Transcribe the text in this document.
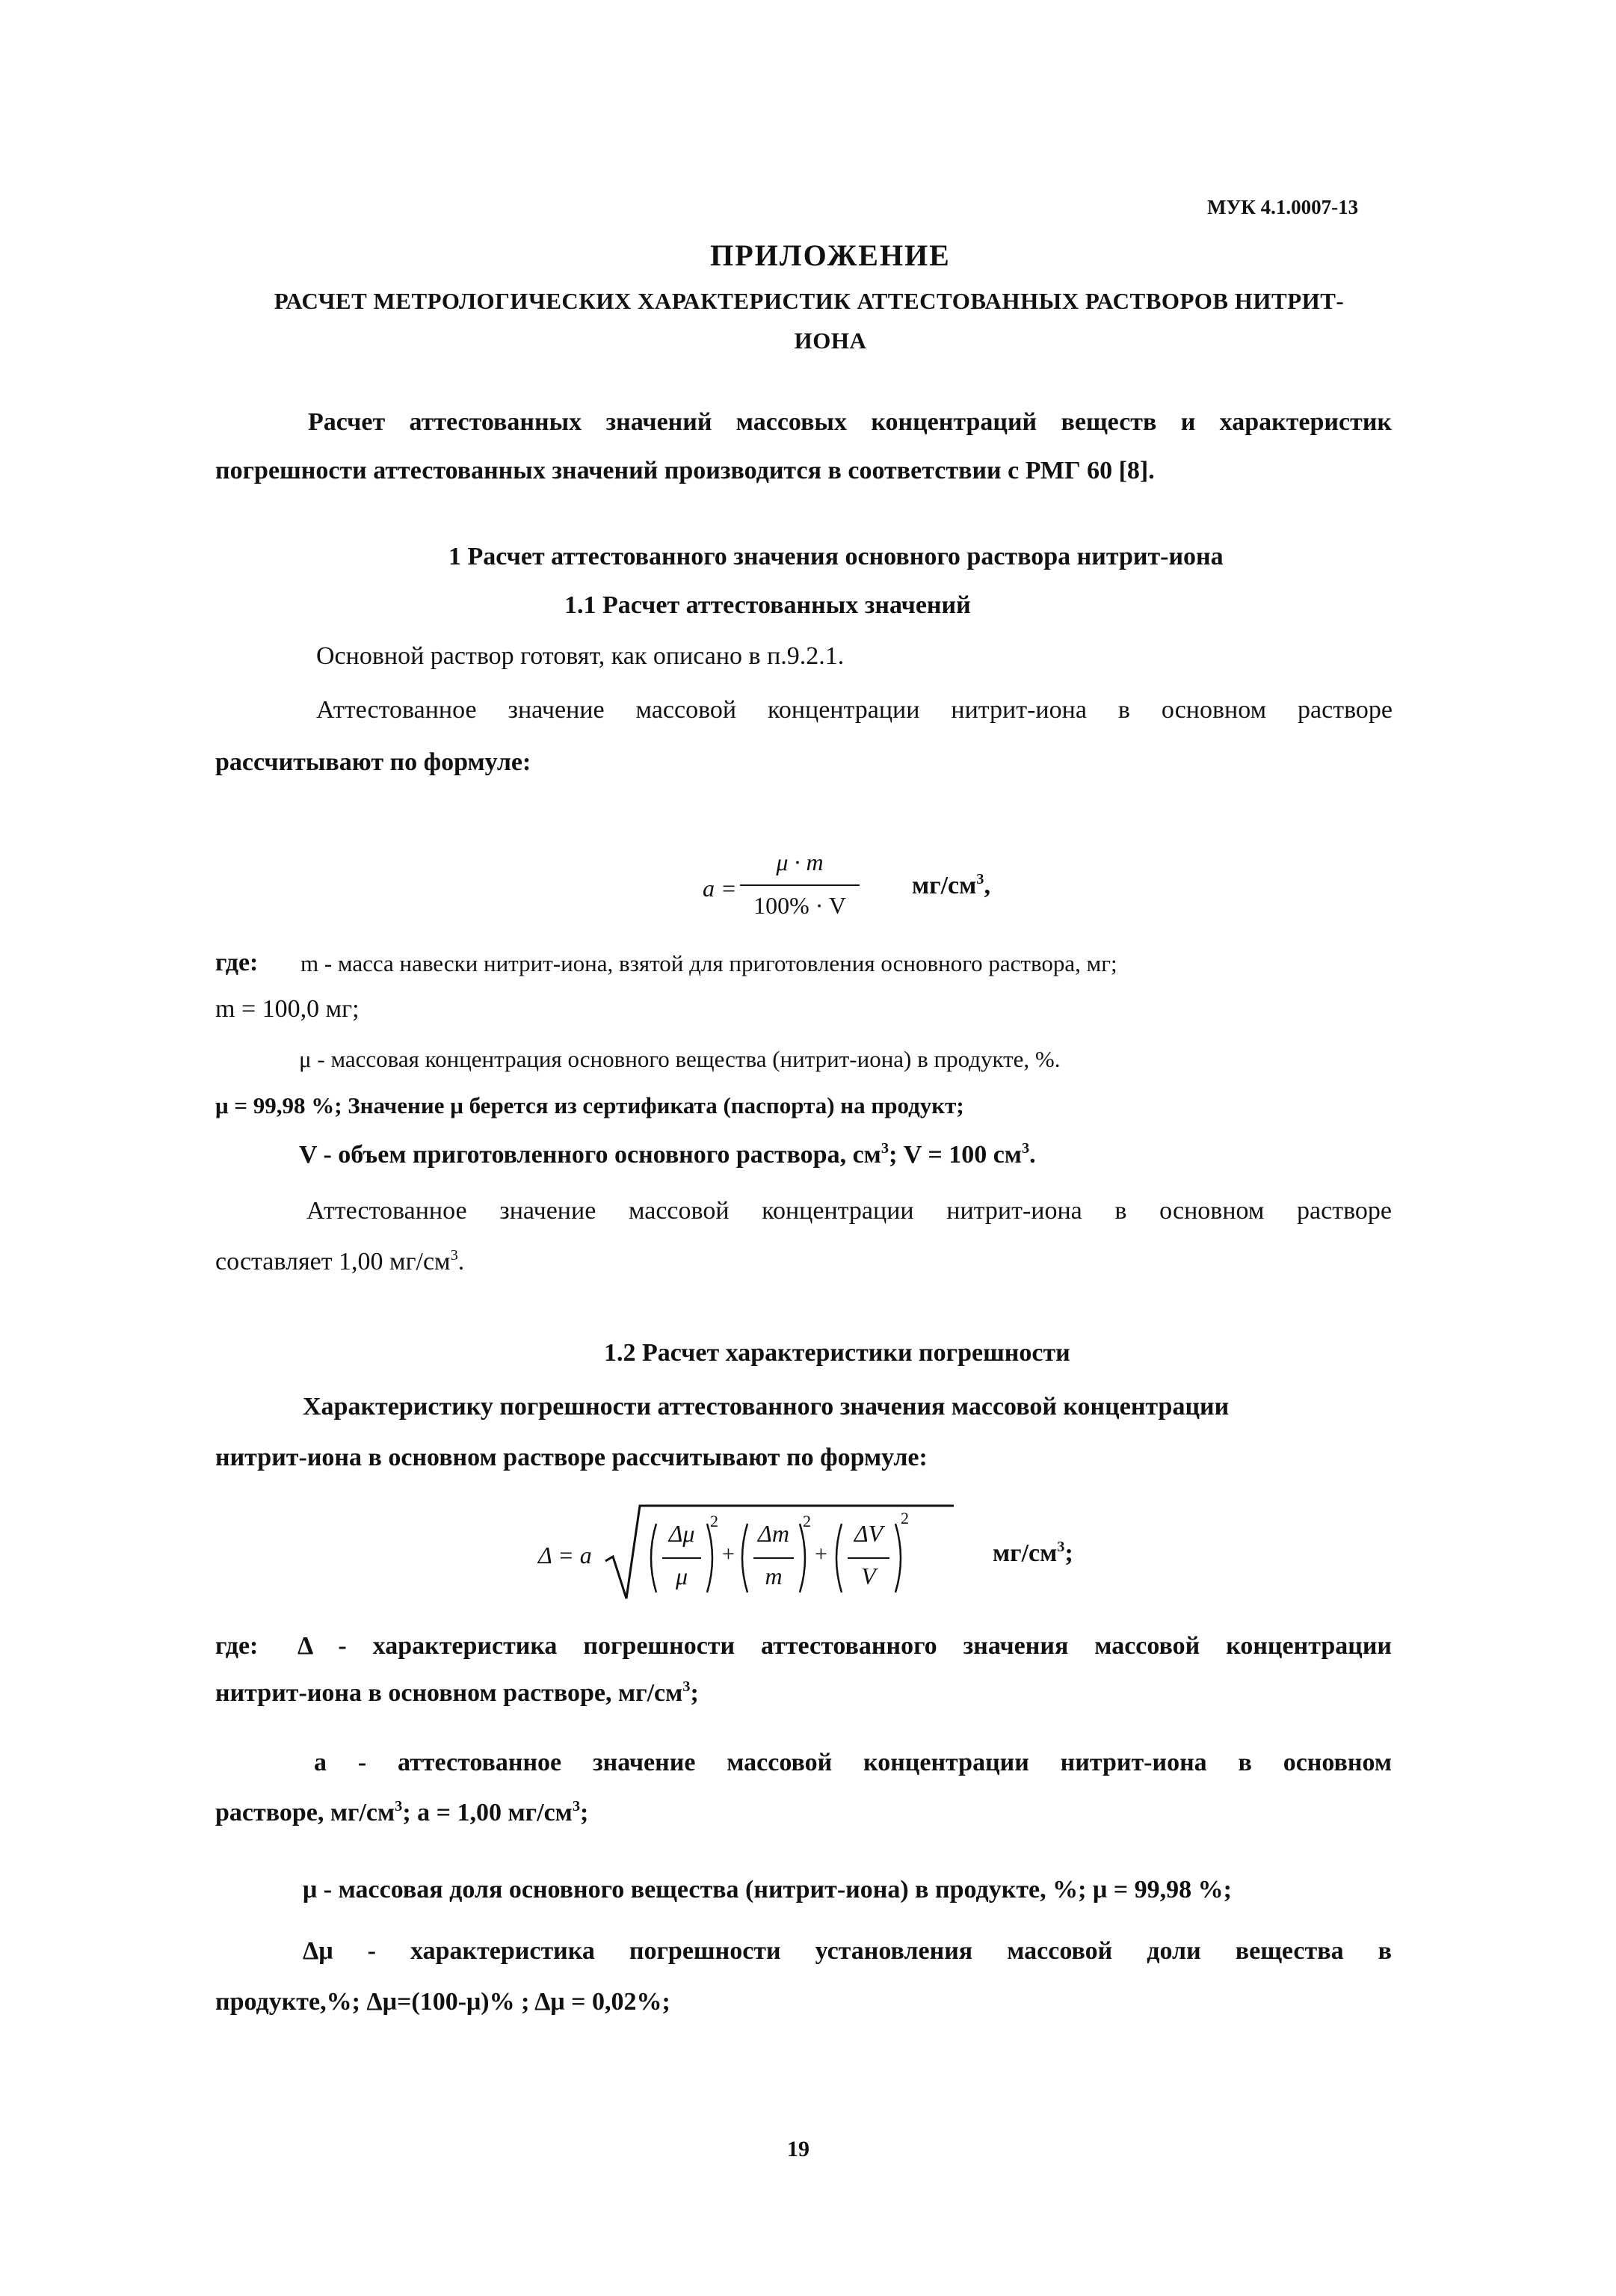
МУК 4.1.0007-13
ПРИЛОЖЕНИЕ
РАСЧЕТ МЕТРОЛОГИЧЕСКИХ ХАРАКТЕРИСТИК АТТЕСТОВАННЫХ РАСТВОРОВ НИТРИТ-
ИОНА
Расчет аттестованных значений массовых концентраций веществ и характеристик
погрешности аттестованных значений производится в соответствии с РМГ 60 [8].
1 Расчет аттестованного значения основного раствора нитрит-иона
1.1 Расчет аттестованных значений
Основной раствор готовят, как описано в п.9.2.1.
Аттестованное значение массовой концентрации нитрит-иона в основном растворе
рассчитывают по формуле:
a =
μ · m
100% · V
$мг/см^3$,
где: m - масса навески нитрит-иона, взятой для приготовления основного раствора, мг;
m = 100,0 мг;
μ - массовая концентрация основного вещества (нитрит-иона) в продукте, %.
μ = 99,98 %; Значение μ берется из сертификата (паспорта) на продукт;
V - объем приготовленного основного раствора, $см^3$; V = 100 $см^3$.
Аттестованное значение массовой концентрации нитрит-иона в основном растворе
составляет 1,00 $мг/см^3$.
1.2 Расчет характеристики погрешности
Характеристику погрешности аттестованного значения массовой концентрации
нитрит-иона в основном растворе рассчитывают по формуле:
Δ = a
Δμ
μ
2
+
Δm
m
2
+
ΔV
V
2
$мг/см^3$;
где: Δ - характеристика погрешности аттестованного значения массовой концентрации
нитрит-иона в основном растворе, $мг/см^3$;
а - аттестованное значение массовой концентрации нитрит-иона в основном
растворе, $мг/см^3$; а = 1,00 $мг/см^3$;
μ - массовая доля основного вещества (нитрит-иона) в продукте, %; μ = 99,98 %;
Δμ - характеристика погрешности установления массовой доли вещества в
продукте,%; Δμ=(100-μ)% ; Δμ = 0,02%;
19
